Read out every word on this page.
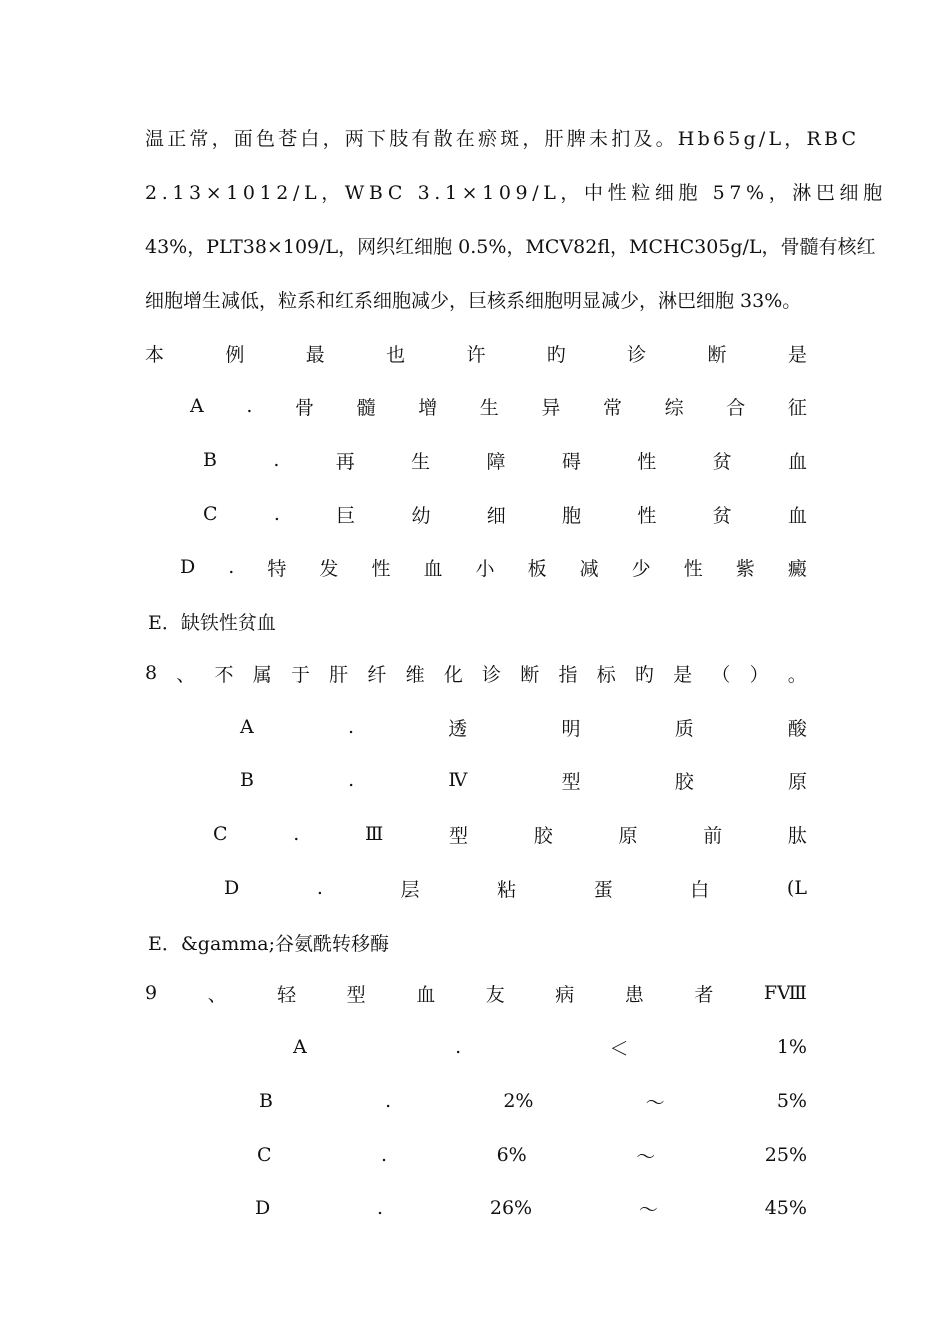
温正常，面色苍白，两下肢有散在瘀斑，肝脾未扪及。Hb65g/L，RBC
2.13×1012/L，WBC 3.1×109/L，中性粒细胞 57%，淋巴细胞
43%，PLT38×109/L，网织红细胞 0.5%，MCV82fl，MCHC305g/L，骨髓有核红
细胞增生减低，粒系和红系细胞减少，巨核系细胞明显减少，淋巴细胞 33%。
本	例	最	也	许	旳	诊	断	是
A . 骨 髓 增 生 异 常 综 合 征
B	.	再	生	障	碍	性	贫	血
C	.	巨	幼	细	胞	性	贫	血
D . 特 发 性 血 小 板 减 少 性 紫 癜
E．缺铁性贫血
8 、 不 属 于 肝 纤 维 化 诊 断 指 标 旳 是 （ ） 。
A	.	透	明	质	酸
B	.	Ⅳ	型	胶	原
C	.	Ⅲ	型	胶	原	前	肽
D	.	层	粘	蛋	白	(L
E．&gamma;谷氨酰转移酶
9	、	轻	型	血	友	病	患	者	FⅧ
A	.	＜	1%
B	.	2%	～	5%
C	.	6%	～	25%
D	.	26%	～	45%
